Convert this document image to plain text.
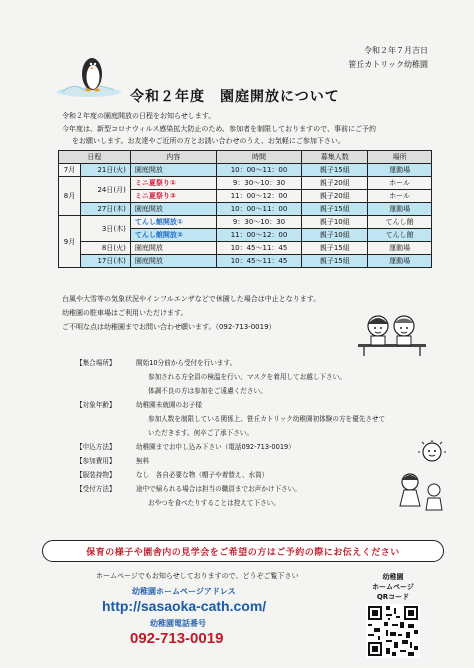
令和２年７月吉日
笹丘カトリック幼稚園
令和２年度　園庭開放について

令和２年度の園庭開放の日程をお知らせします。

今年度は、新型コロナウィルス感染拡大防止のため、参加者を制限しておりますので、事前にご予約

をお願いします。お友達やご近所の方とお誘い合わせのうえ、お気軽にご参加下さい。

日程		内容	時間	募集人数	場所
7月	21日(火)	園庭開放	10：00～11：00	親子15組	運動場
8月	24日(月)	ミニ夏祭り①	9：30～10：30	親子20組	ホール
		ミニ夏祭り②	11：00～12：00	親子20組	ホール
	27日(木)	園庭開放	10：00～11：00	親子15組	運動場
9月	3日(木)	てんし館開放①	9：30～10：30	親子10組	てんし館
		てんし館開放②	11：00～12：00	親子10組	てんし館
	8日(火)	園庭開放	10：45～11：45	親子15組	運動場
	17日(木)	園庭開放	10：45～11：45	親子15組	運動場

台風や大雪等の気象状況やインフルエンザなどで休園した場合は中止となります。

幼稚園の駐車場はご利用いただけます。

ご不明な点は幼稚園までお問い合わせ願います。（092-713-0019）

【集合場所】	開始10分前から受付を行います。
参加される方全員の検温を行い、マスクを着用してお越し下さい。
体調不良の方は参加をご遠慮ください。
【対象年齢】	幼稚園未就園のお子様
参加人数を制限している関係上、笹丘カトリック幼稚園初体験の方を優先させて
いただきます。何卒ご了承下さい。
【申込方法】	幼稚園までお申し込み下さい（電話092-713-0019）
【参加費用】	無料
【服装持物】	なし　各自必要な物（帽子や着替え、水筒）
【受付方法】	途中で帰られる場合は担当の職員までお声かけ下さい。
おやつを食べたりすることは控えて下さい。
保育の様子や園舎内の見学会をご希望の方はご予約の際にお伝えください
ホームページでもお知らせしておりますので、どうぞご覧下さい
幼稚園ホームページアドレス
http://sasaoka-cath.com/
幼稚園電話番号
092-713-0019
幼稚園
ホームページ
QRコード
